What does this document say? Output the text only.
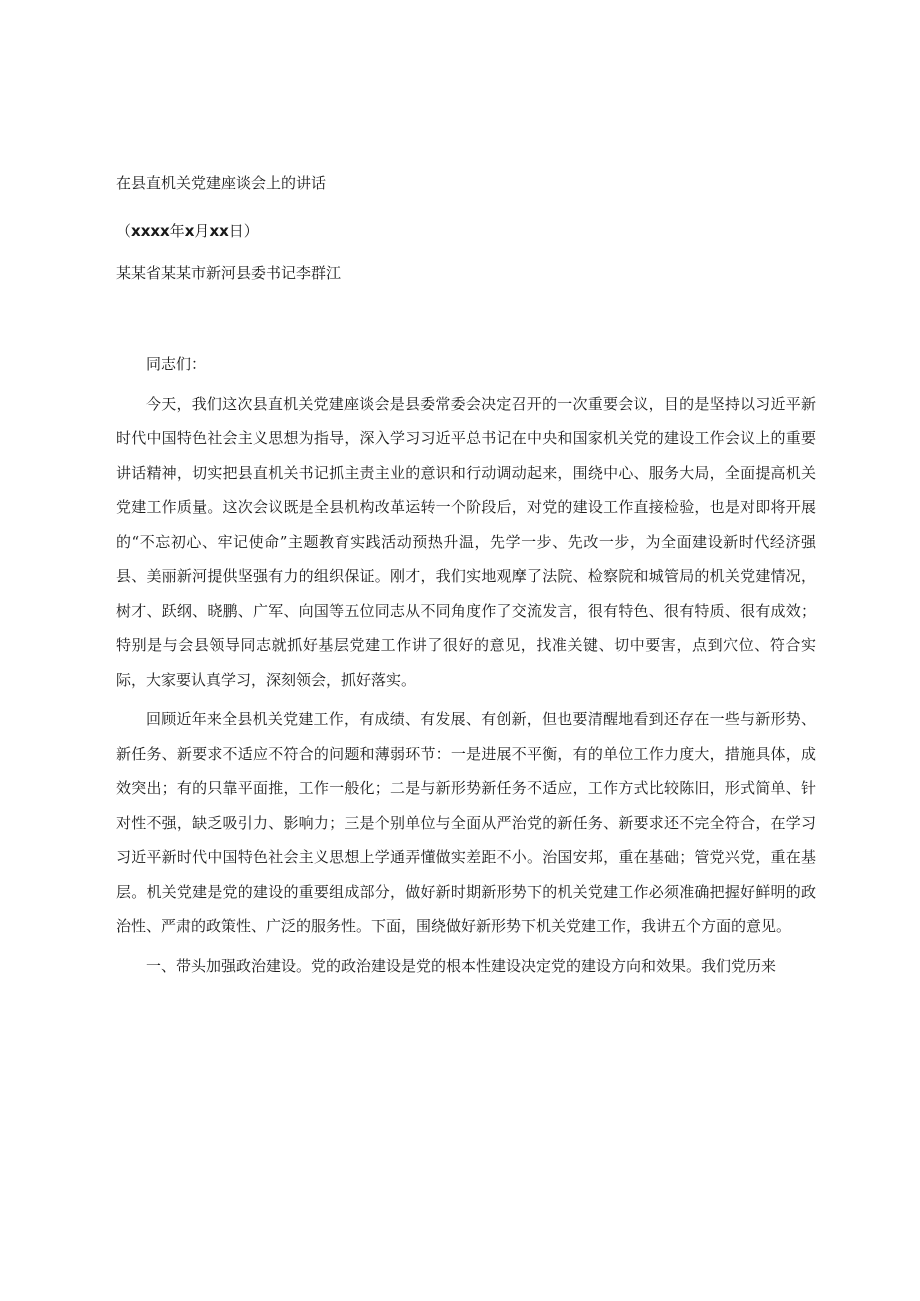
在县直机关党建座谈会上的讲话
（xxxx年x月xx日）
某某省某某市新河县委书记李群江

同志们：

今天，我们这次县直机关党建座谈会是县委常委会决定召开的一次重要会议，目的是坚持以习近平新时代中国特色社会主义思想为指导，深入学习习近平总书记在中央和国家机关党的建设工作会议上的重要讲话精神，切实把县直机关书记抓主责主业的意识和行动调动起来，围绕中心、服务大局，全面提高机关党建工作质量。这次会议既是全县机构改革运转一个阶段后，对党的建设工作直接检验，也是对即将开展的“不忘初心、牢记使命”主题教育实践活动预热升温，先学一步、先改一步，为全面建设新时代经济强县、美丽新河提供坚强有力的组织保证。刚才，我们实地观摩了法院、检察院和城管局的机关党建情况，树才、跃纲、晓鹏、广军、向国等五位同志从不同角度作了交流发言，很有特色、很有特质、很有成效；特别是与会县领导同志就抓好基层党建工作讲了很好的意见，找准关键、切中要害，点到穴位、符合实际，大家要认真学习，深刻领会，抓好落实。

回顾近年来全县机关党建工作，有成绩、有发展、有创新，但也要清醒地看到还存在一些与新形势、新任务、新要求不适应不符合的问题和薄弱环节：一是进展不平衡，有的单位工作力度大，措施具体，成效突出；有的只靠平面推，工作一般化；二是与新形势新任务不适应，工作方式比较陈旧，形式简单、针对性不强，缺乏吸引力、影响力；三是个别单位与全面从严治党的新任务、新要求还不完全符合，在学习习近平新时代中国特色社会主义思想上学通弄懂做实差距不小。治国安邦，重在基础；管党兴党，重在基层。机关党建是党的建设的重要组成部分，做好新时期新形势下的机关党建工作必须准确把握好鲜明的政治性、严肃的政策性、广泛的服务性。下面，围绕做好新形势下机关党建工作，我讲五个方面的意见。

一、带头加强政治建设。党的政治建设是党的根本性建设决定党的建设方向和效果。我们党历来
